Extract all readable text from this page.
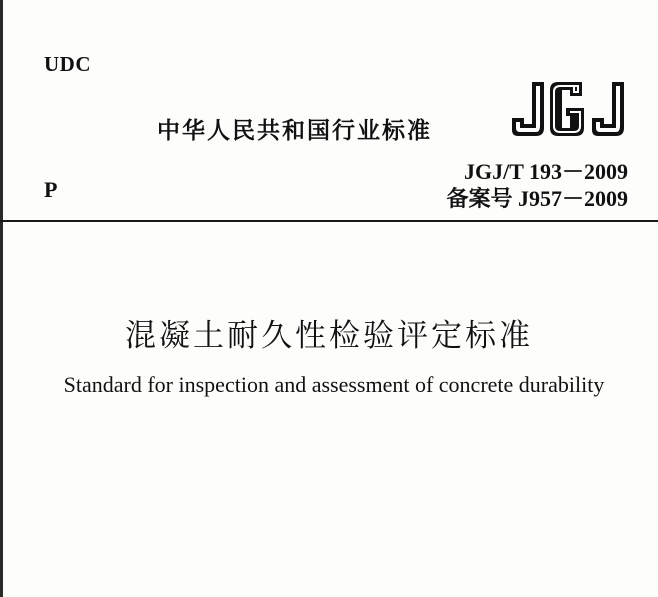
UDC
中华人民共和国行业标准
P
JGJ/T 193－2009
备案号 J957－2009
混凝土耐久性检验评定标准
Standard for inspection and assessment of concrete durability
